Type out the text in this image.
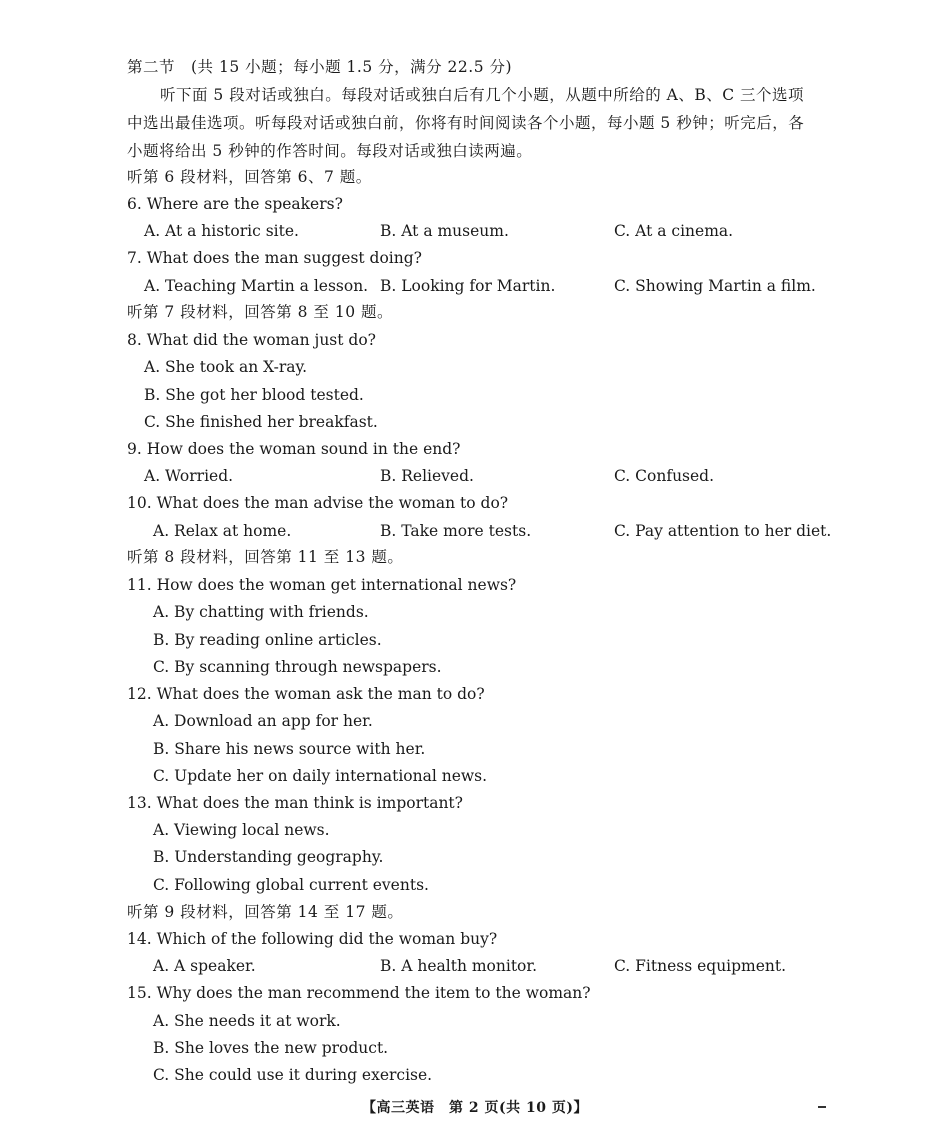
第二节　(共 15 小题；每小题 1.5 分，满分 22.5 分)
听下面 5 段对话或独白。每段对话或独白后有几个小题，从题中所给的 A、B、C 三个选项
中选出最佳选项。听每段对话或独白前，你将有时间阅读各个小题，每小题 5 秒钟；听完后，各
小题将给出 5 秒钟的作答时间。每段对话或独白读两遍。
听第 6 段材料，回答第 6、7 题。
6. Where are the speakers?
A. At a historic site.	B. At a museum.	C. At a cinema.
7. What does the man suggest doing?
A. Teaching Martin a lesson. B. Looking for Martin.	C. Showing Martin a film.
听第 7 段材料，回答第 8 至 10 题。
8. What did the woman just do?
A. She took an X-ray.
B. She got her blood tested.
C. She finished her breakfast.
9. How does the woman sound in the end?
A. Worried.	B. Relieved.	C. Confused.
10. What does the man advise the woman to do?
A. Relax at home.	B. Take more tests.	C. Pay attention to her diet.
听第 8 段材料，回答第 11 至 13 题。
11. How does the woman get international news?
A. By chatting with friends.
B. By reading online articles.
C. By scanning through newspapers.
12. What does the woman ask the man to do?
A. Download an app for her.
B. Share his news source with her.
C. Update her on daily international news.
13. What does the man think is important?
A. Viewing local news.
B. Understanding geography.
C. Following global current events.
听第 9 段材料，回答第 14 至 17 题。
14. Which of the following did the woman buy?
A. A speaker.	B. A health monitor.	C. Fitness equipment.
15. Why does the man recommend the item to the woman?
A. She needs it at work.
B. She loves the new product.
C. She could use it during exercise.
【高三英语　第 2 页(共 10 页)】
